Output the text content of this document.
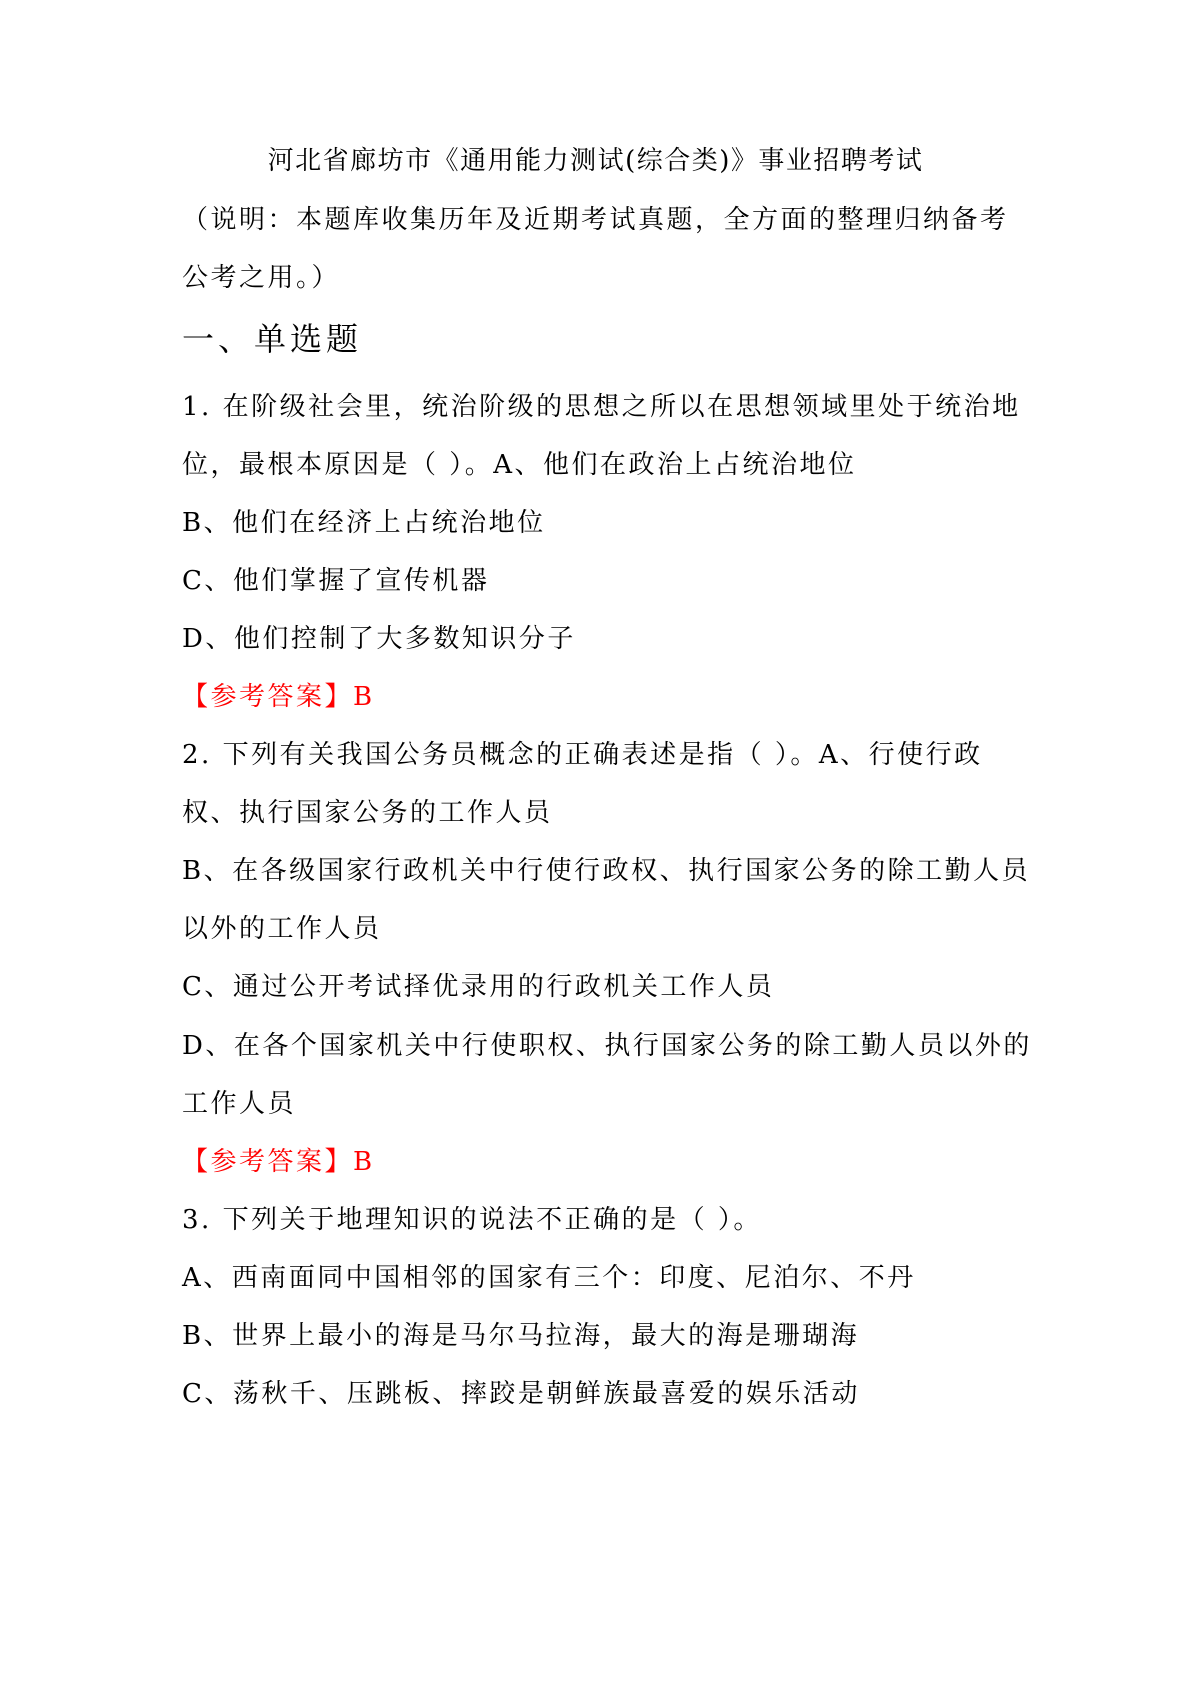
河北省廊坊市《通用能力测试(综合类)》事业招聘考试
（说明：本题库收集历年及近期考试真题，全方面的整理归纳备考
公考之用。）
一、单选题
1. 在阶级社会里，统治阶级的思想之所以在思想领域里处于统治地
位，最根本原因是（ ）。A、他们在政治上占统治地位
B、他们在经济上占统治地位
C、他们掌握了宣传机器
D、他们控制了大多数知识分子
【参考答案】B
2. 下列有关我国公务员概念的正确表述是指（ ）。A、行使行政
权、执行国家公务的工作人员
B、在各级国家行政机关中行使行政权、执行国家公务的除工勤人员
以外的工作人员
C、通过公开考试择优录用的行政机关工作人员
D、在各个国家机关中行使职权、执行国家公务的除工勤人员以外的
工作人员
【参考答案】B
3. 下列关于地理知识的说法不正确的是（ ）。
A、西南面同中国相邻的国家有三个：印度、尼泊尔、不丹
B、世界上最小的海是马尔马拉海，最大的海是珊瑚海
C、荡秋千、压跳板、摔跤是朝鲜族最喜爱的娱乐活动
